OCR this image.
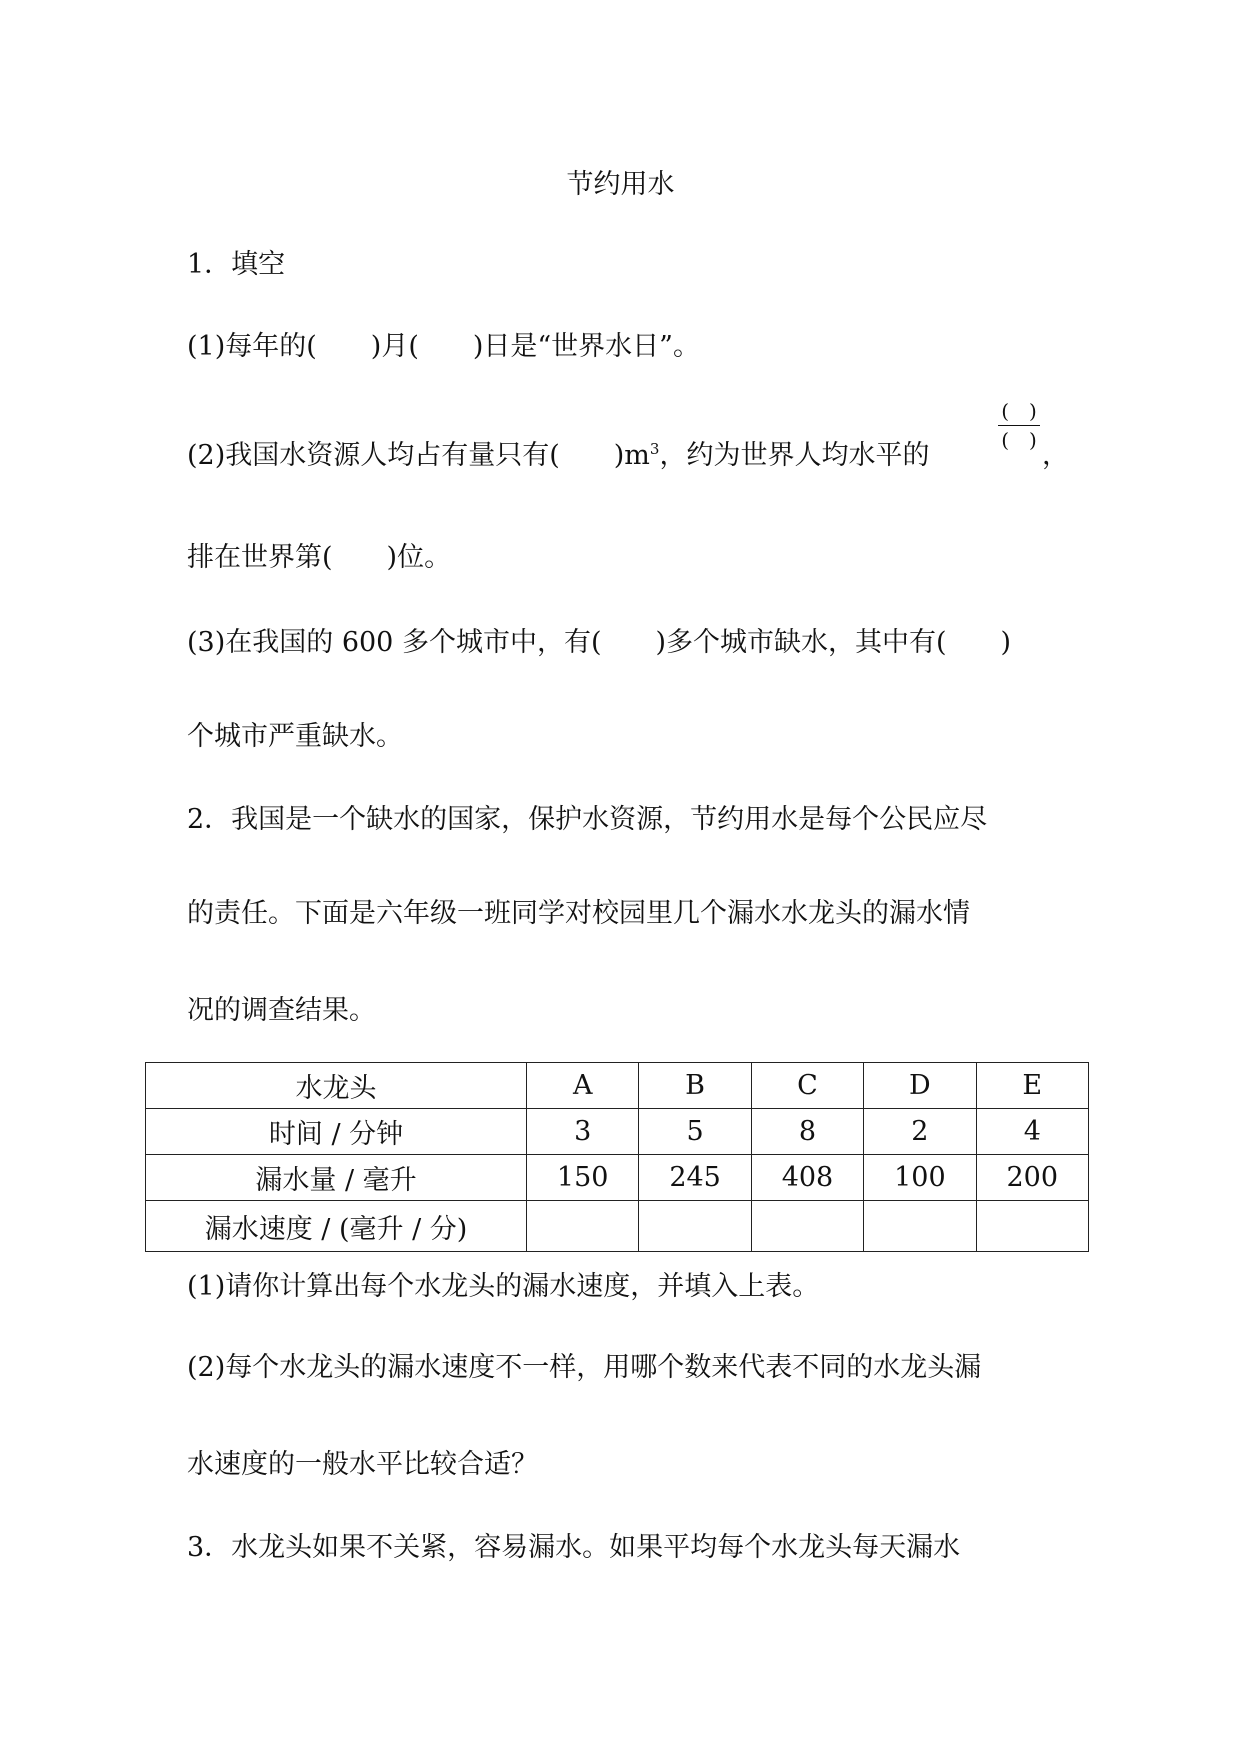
节约用水
1．填空
(1)每年的(　　)月(　　)日是“世界水日”。
(2)我国水资源人均占有量只有(　　)$m^3$，约为世界人均水平的
(　)
(　) ，
排在世界第(　　)位。
(3)在我国的 600 多个城市中，有(　　)多个城市缺水，其中有(　　)
个城市严重缺水。
2．我国是一个缺水的国家，保护水资源，节约用水是每个公民应尽
的责任。下面是六年级一班同学对校园里几个漏水水龙头的漏水情
况的调查结果。
水龙头	A	B	C	D	E
时间 / 分钟	3	5	8	2	4
漏水量 / 毫升	150	245	408	100	200
漏水速度 / (毫升 / 分)					
(1)请你计算出每个水龙头的漏水速度，并填入上表。
(2)每个水龙头的漏水速度不一样，用哪个数来代表不同的水龙头漏
水速度的一般水平比较合适？
3．水龙头如果不关紧，容易漏水。如果平均每个水龙头每天漏水
